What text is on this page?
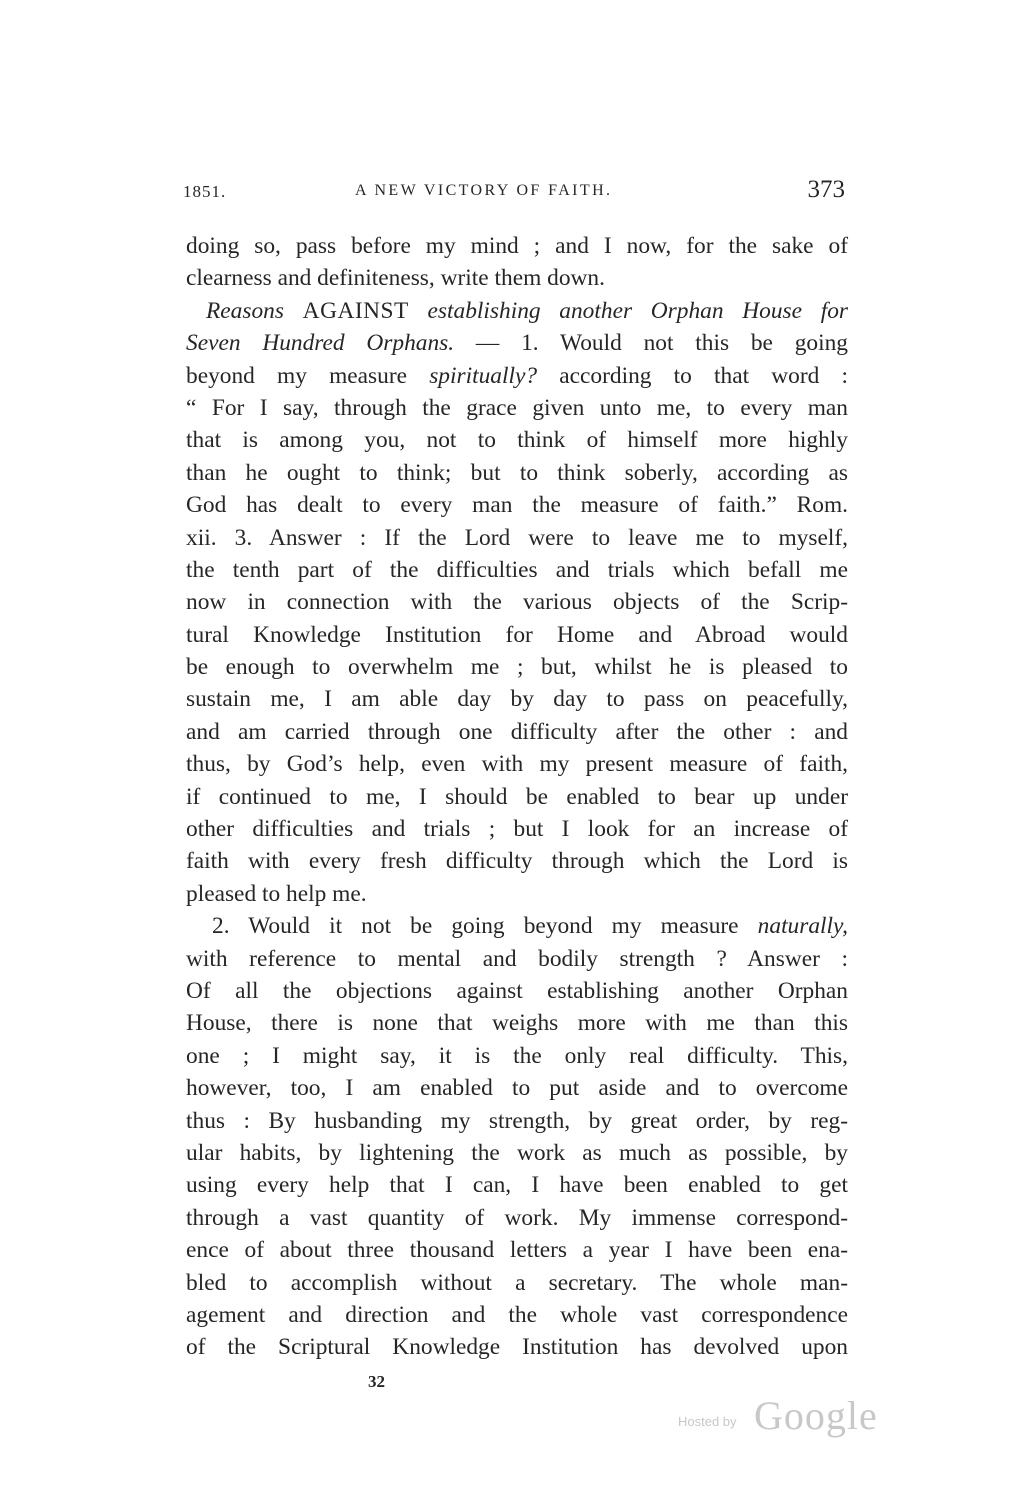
1851.	A NEW VICTORY OF FAITH.	373
doing so, pass before my mind ; and I now, for the sake of
clearness and definiteness, write them down.
Reasons AGAINST establishing another Orphan House for
Seven Hundred Orphans. — 1. Would not this be going
beyond my measure spiritually? according to that word :
“ For I say, through the grace given unto me, to every man
that is among you, not to think of himself more highly
than he ought to think; but to think soberly, according as
God has dealt to every man the measure of faith.” Rom.
xii. 3. Answer : If the Lord were to leave me to myself,
the tenth part of the difficulties and trials which befall me
now in connection with the various objects of the Scrip-
tural Knowledge Institution for Home and Abroad would
be enough to overwhelm me ; but, whilst he is pleased to
sustain me, I am able day by day to pass on peacefully,
and am carried through one difficulty after the other : and
thus, by God’s help, even with my present measure of faith,
if continued to me, I should be enabled to bear up under
other difficulties and trials ; but I look for an increase of
faith with every fresh difficulty through which the Lord is
pleased to help me.
2. Would it not be going beyond my measure naturally,
with reference to mental and bodily strength ? Answer :
Of all the objections against establishing another Orphan
House, there is none that weighs more with me than this
one ; I might say, it is the only real difficulty. This,
however, too, I am enabled to put aside and to overcome
thus : By husbanding my strength, by great order, by reg-
ular habits, by lightening the work as much as possible, by
using every help that I can, I have been enabled to get
through a vast quantity of work. My immense correspond-
ence of about three thousand letters a year I have been ena-
bled to accomplish without a secretary. The whole man-
agement and direction and the whole vast correspondence
of the Scriptural Knowledge Institution has devolved upon
32
Hosted by Google
